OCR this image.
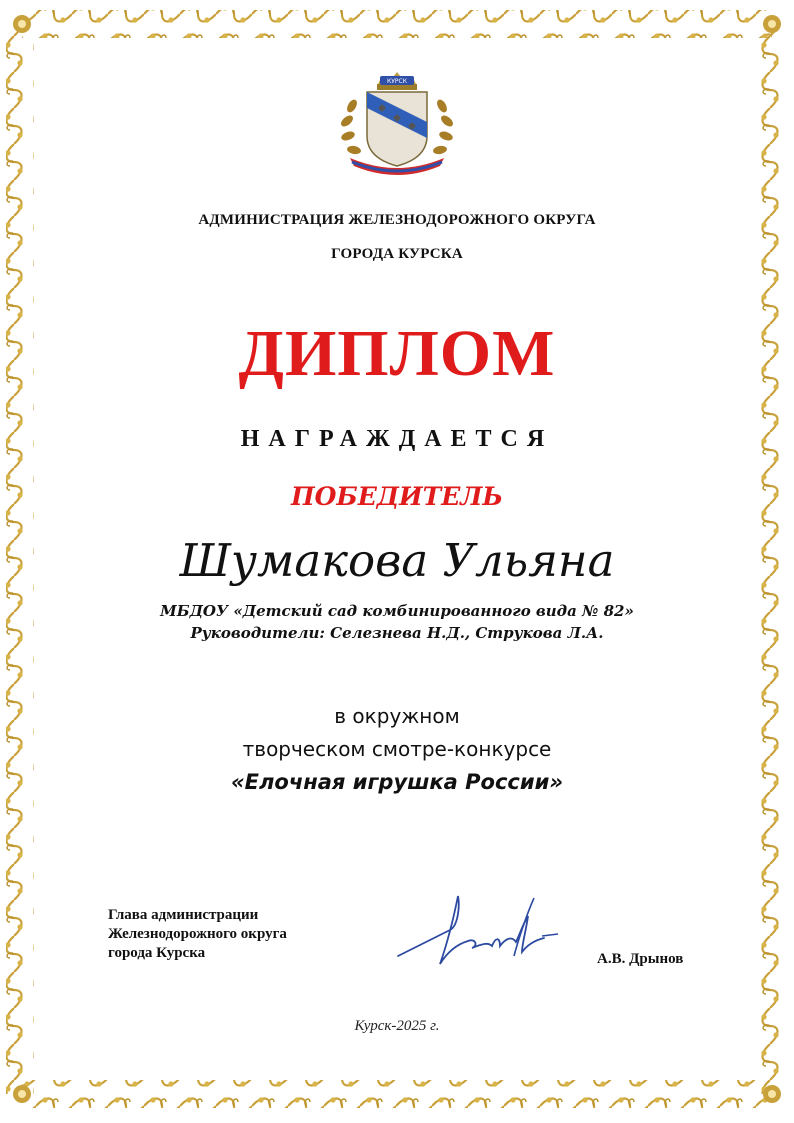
КУРСК
АДМИНИСТРАЦИЯ ЖЕЛЕЗНОДОРОЖНОГО ОКРУГА
ГОРОДА КУРСКА
ДИПЛОМ
НАГРАЖДАЕТСЯ
ПОБЕДИТЕЛЬ
Шумакова Ульяна
МБДОУ «Детский сад комбинированного вида № 82»
Руководители: Селезнева Н.Д., Струкова Л.А.
в окружном
творческом смотре-конкурсе
«Елочная игрушка России»
Глава администрации
Железнодорожного округа
города Курска	А.В. Дрынов
Курск-2025 г.
